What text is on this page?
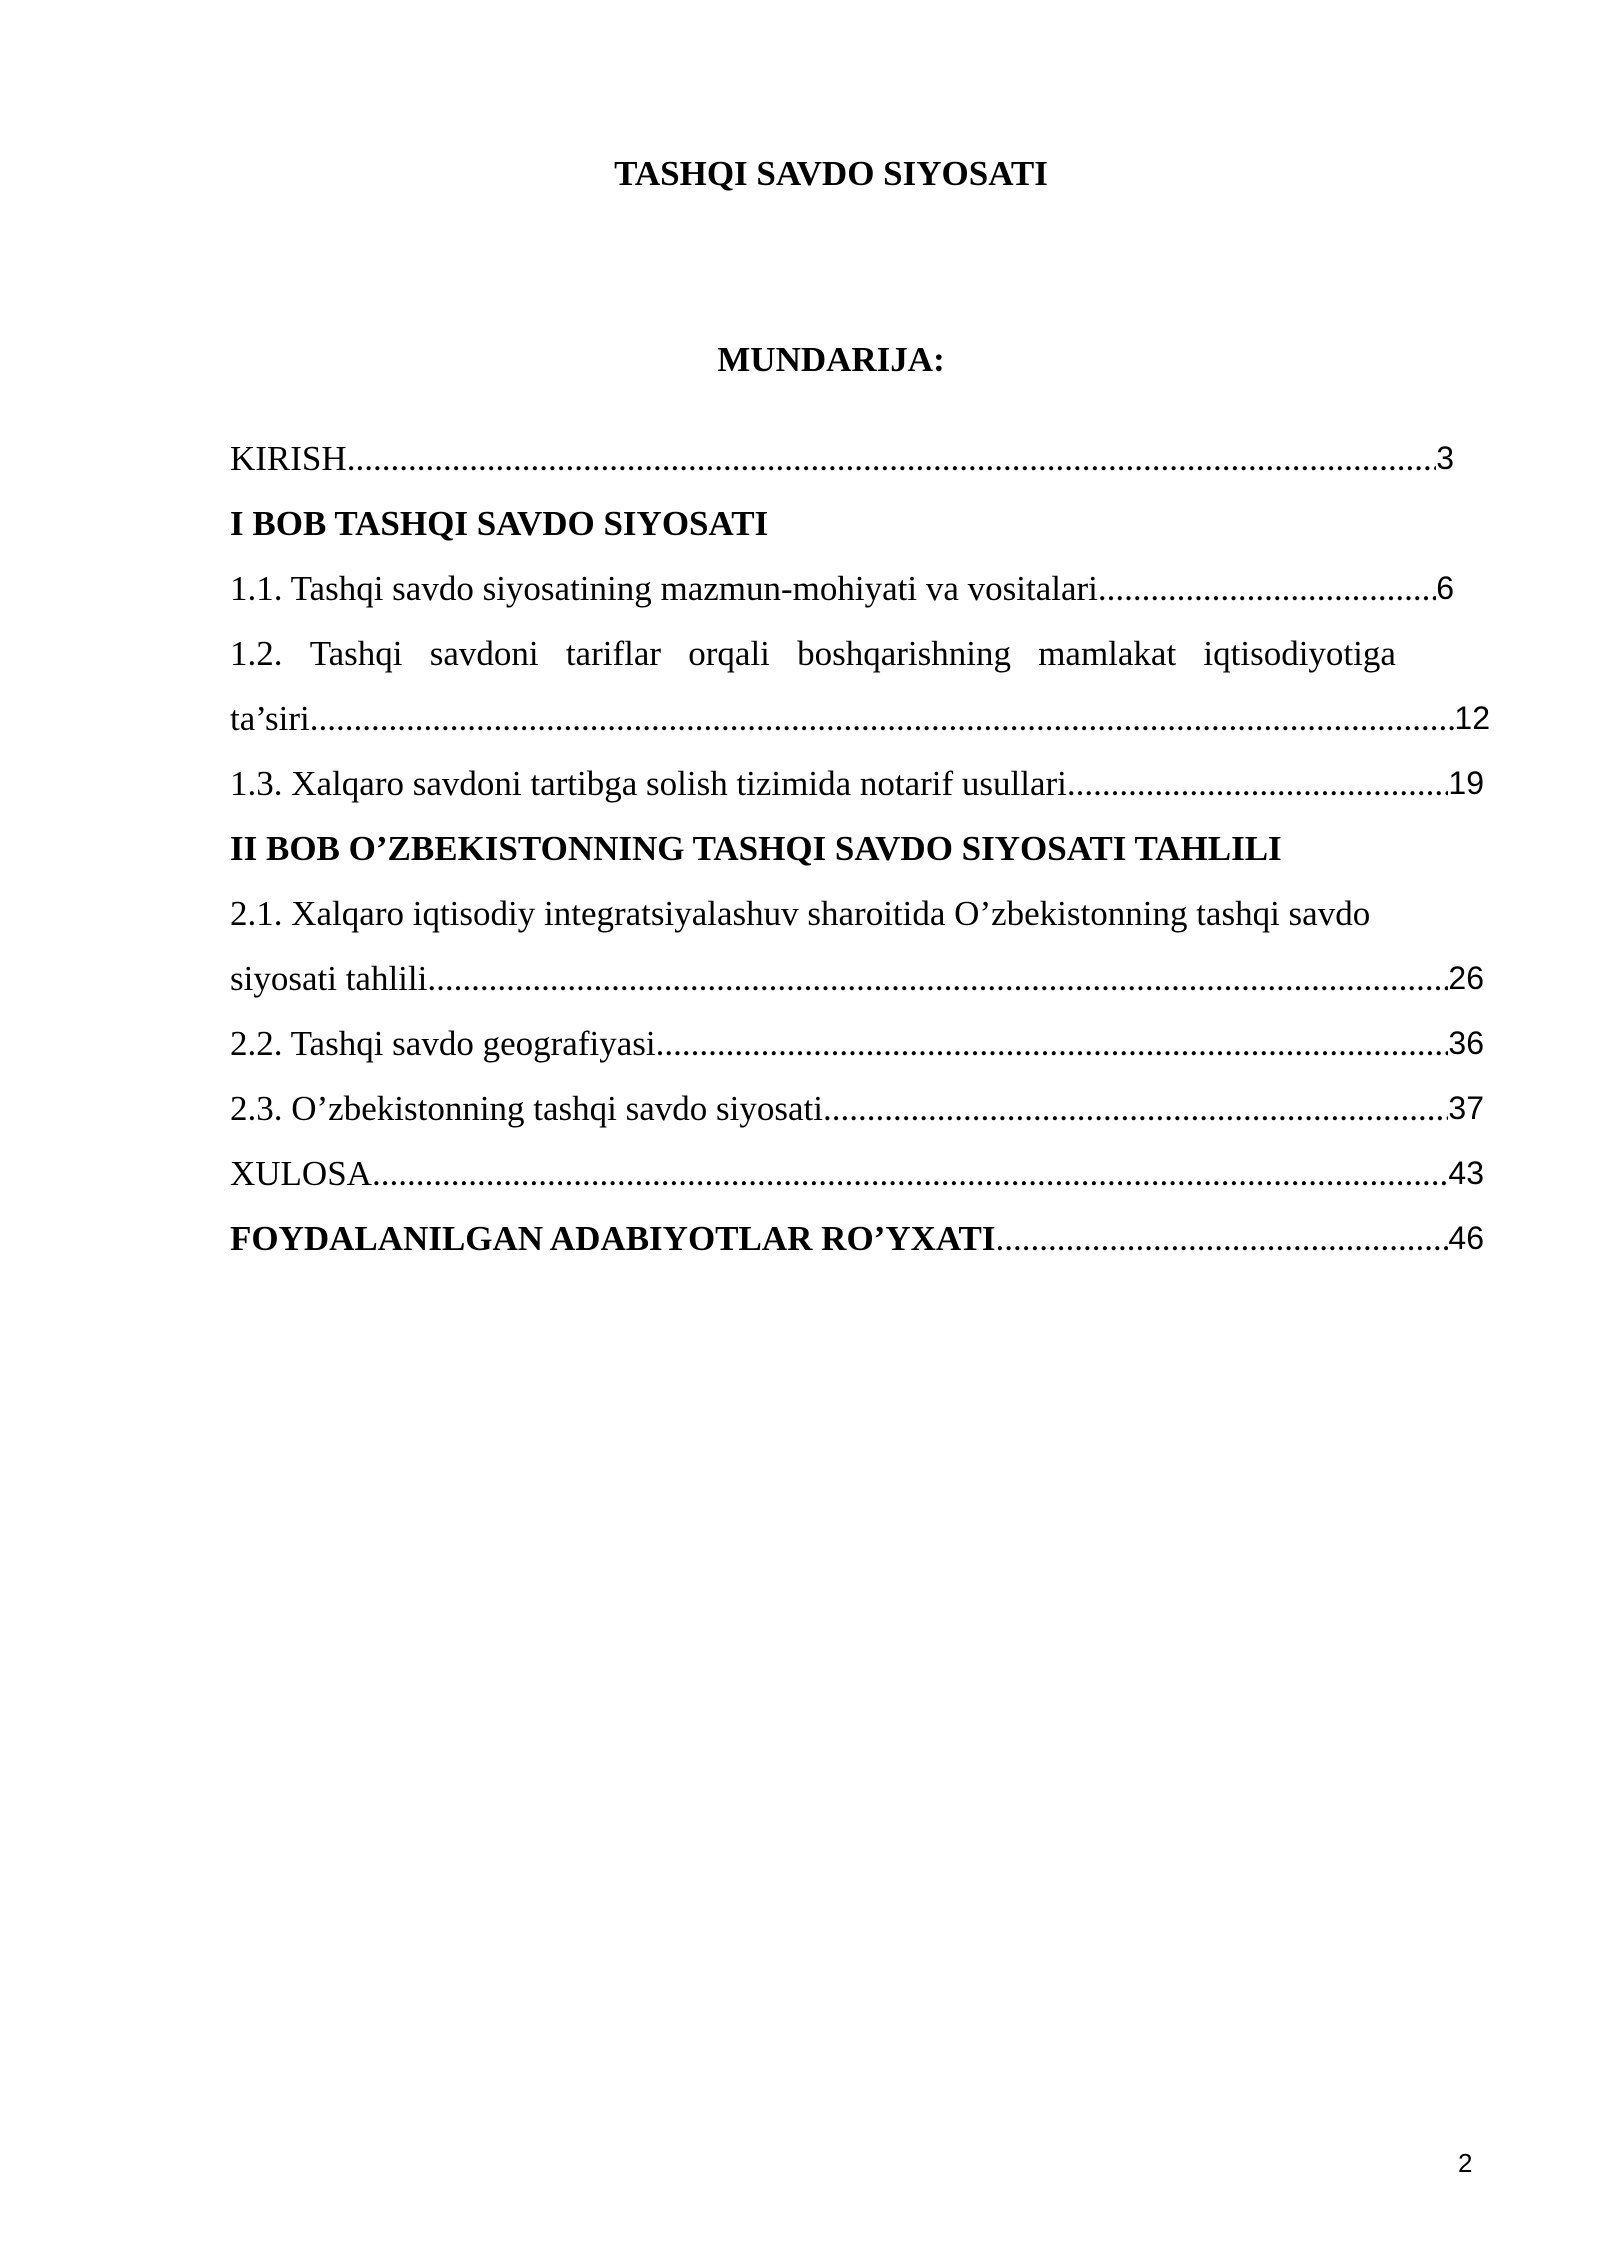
TASHQI SAVDO SIYOSATI
MUNDARIJA:
KIRISH .....	3
I BOB TASHQI SAVDO SIYOSATI
1.1. Tashqi savdo siyosatining mazmun-mohiyati va vositalari .....	6
1.2. Tashqi savdoni tariflar orqali boshqarishning mamlakat iqtisodiyotiga
ta’siri .....	12
1.3. Xalqaro savdoni tartibga solish tizimida notarif usullari .....	19
II BOB O’ZBEKISTONNING TASHQI SAVDO SIYOSATI TAHLILI
2.1. Xalqaro iqtisodiy integratsiyalashuv sharoitida O’zbekistonning tashqi savdo
siyosati tahlili .....	26
2.2. Tashqi savdo geografiyasi .....	36
2.3. O’zbekistonning tashqi savdo siyosati .....	37
XULOSA .....	43
FOYDALANILGAN ADABIYOTLAR RO’YXATI .....	46
2
